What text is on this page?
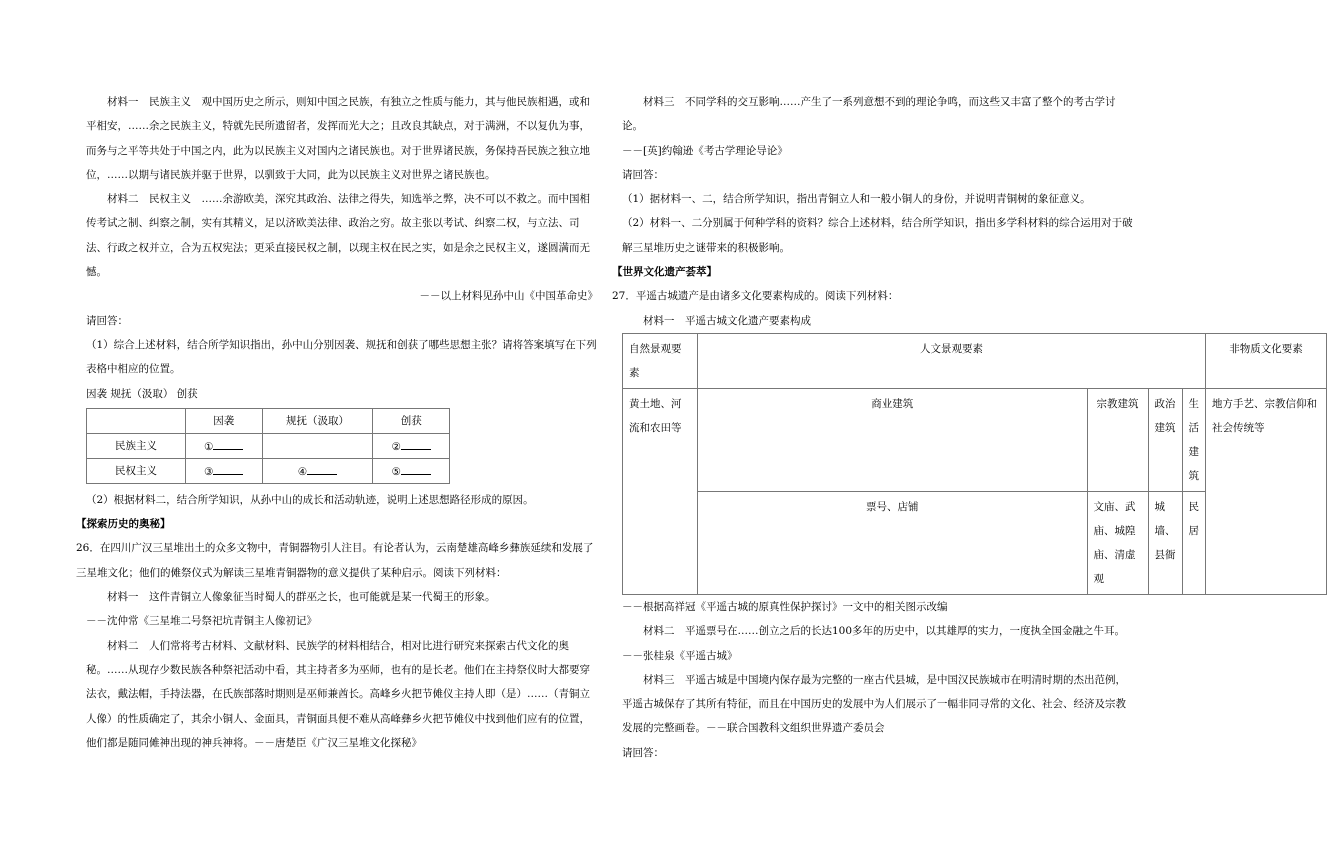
材料一　民族主义　观中国历史之所示，则知中国之民族，有独立之性质与能力，其与他民族相遇，或和平相安，……余之民族主义，特就先民所遗留者，发挥而光大之；且改良其缺点，对于满洲，不以复仇为事，而务与之平等共处于中国之内，此为以民族主义对国内之诸民族也。对于世界诸民族，务保持吾民族之独立地位，……以期与诸民族并驱于世界，以驯致于大同，此为以民族主义对世界之诸民族也。

材料二　民权主义　……余游欧美，深究其政治、法律之得失，知选举之弊，决不可以不救之。而中国相传考试之制、纠察之制，实有其精义，足以济欧美法律、政治之穷。故主张以考试、纠察二权，与立法、司法、行政之权并立，合为五权宪法；更采直接民权之制，以现主权在民之实，如是余之民权主义，遂圆满而无憾。

－－以上材料见孙中山《中国革命史》

请回答：

（1）综合上述材料，结合所学知识指出，孙中山分别因袭、规抚和创获了哪些思想主张？请将答案填写在下列表格中相应的位置。

因袭 规抚（汲取） 创获

	因袭	规抚（汲取）	创获
民族主义	①		②
民权主义	③	④	⑤

（2）根据材料二，结合所学知识，从孙中山的成长和活动轨迹，说明上述思想路径形成的原因。

【探索历史的奥秘】

26．在四川广汉三星堆出土的众多文物中，青铜器物引人注目。有论者认为，云南楚雄高峰乡彝族延续和发展了三星堆文化；他们的傩祭仪式为解读三星堆青铜器物的意义提供了某种启示。阅读下列材料：

材料一　这件青铜立人像象征当时蜀人的群巫之长，也可能就是某一代蜀王的形象。

－－沈仲常《三星堆二号祭祀坑青铜主人像初记》

材料二　人们常将考古材料、文献材料、民族学的材料相结合，相对比进行研究来探索古代文化的奥秘。……从现存少数民族各种祭祀活动中看，其主持者多为巫师，也有的是长老。他们在主持祭仪时大都要穿法衣，戴法帽，手持法器，在氏族部落时期则是巫师兼酋长。高峰乡火把节傩仪主持人即（是）……（青铜立人像）的性质确定了，其余小铜人、金面具，青铜面具便不难从高峰彝乡火把节傩仪中找到他们应有的位置，他们都是随同傩神出现的神兵神将。－－唐楚臣《广汉三星堆文化探秘》

材料三　不同学科的交互影响……产生了一系列意想不到的理论争鸣，而这些又丰富了整个的考古学讨论。

－－[英]约翰逊《考古学理论导论》

请回答：

（1）据材料一、二，结合所学知识，指出青铜立人和一般小铜人的身份，并说明青铜树的象征意义。

（2）材料一、二分别属于何种学科的资料？综合上述材料，结合所学知识，指出多学科材料的综合运用对于破解三星堆历史之谜带来的积极影响。

【世界文化遗产荟萃】

27．平遥古城遗产是由诸多文化要素构成的。阅读下列材料：

材料一　平遥古城文化遗产要素构成

自然景观要素	人文景观要素				非物质文化要素
黄土地、河流和农田等	商业建筑	宗教建筑	政治建筑	生活建筑	地方手艺、宗教信仰和社会传统等
	票号、店铺	文庙、武庙、城隍庙、清虚观	城墙、县衙	民居	

－－根据高祥冠《平遥古城的原真性保护探讨》一文中的相关图示改编

材料二　平遥票号在……创立之后的长达100多年的历史中，以其雄厚的实力，一度执全国金融之牛耳。

－－张桂泉《平遥古城》

材料三　平遥古城是中国境内保存最为完整的一座古代县城，是中国汉民族城市在明清时期的杰出范例，平遥古城保存了其所有特征，而且在中国历史的发展中为人们展示了一幅非同寻常的文化、社会、经济及宗教发展的完整画卷。－－联合国教科文组织世界遗产委员会

请回答：
